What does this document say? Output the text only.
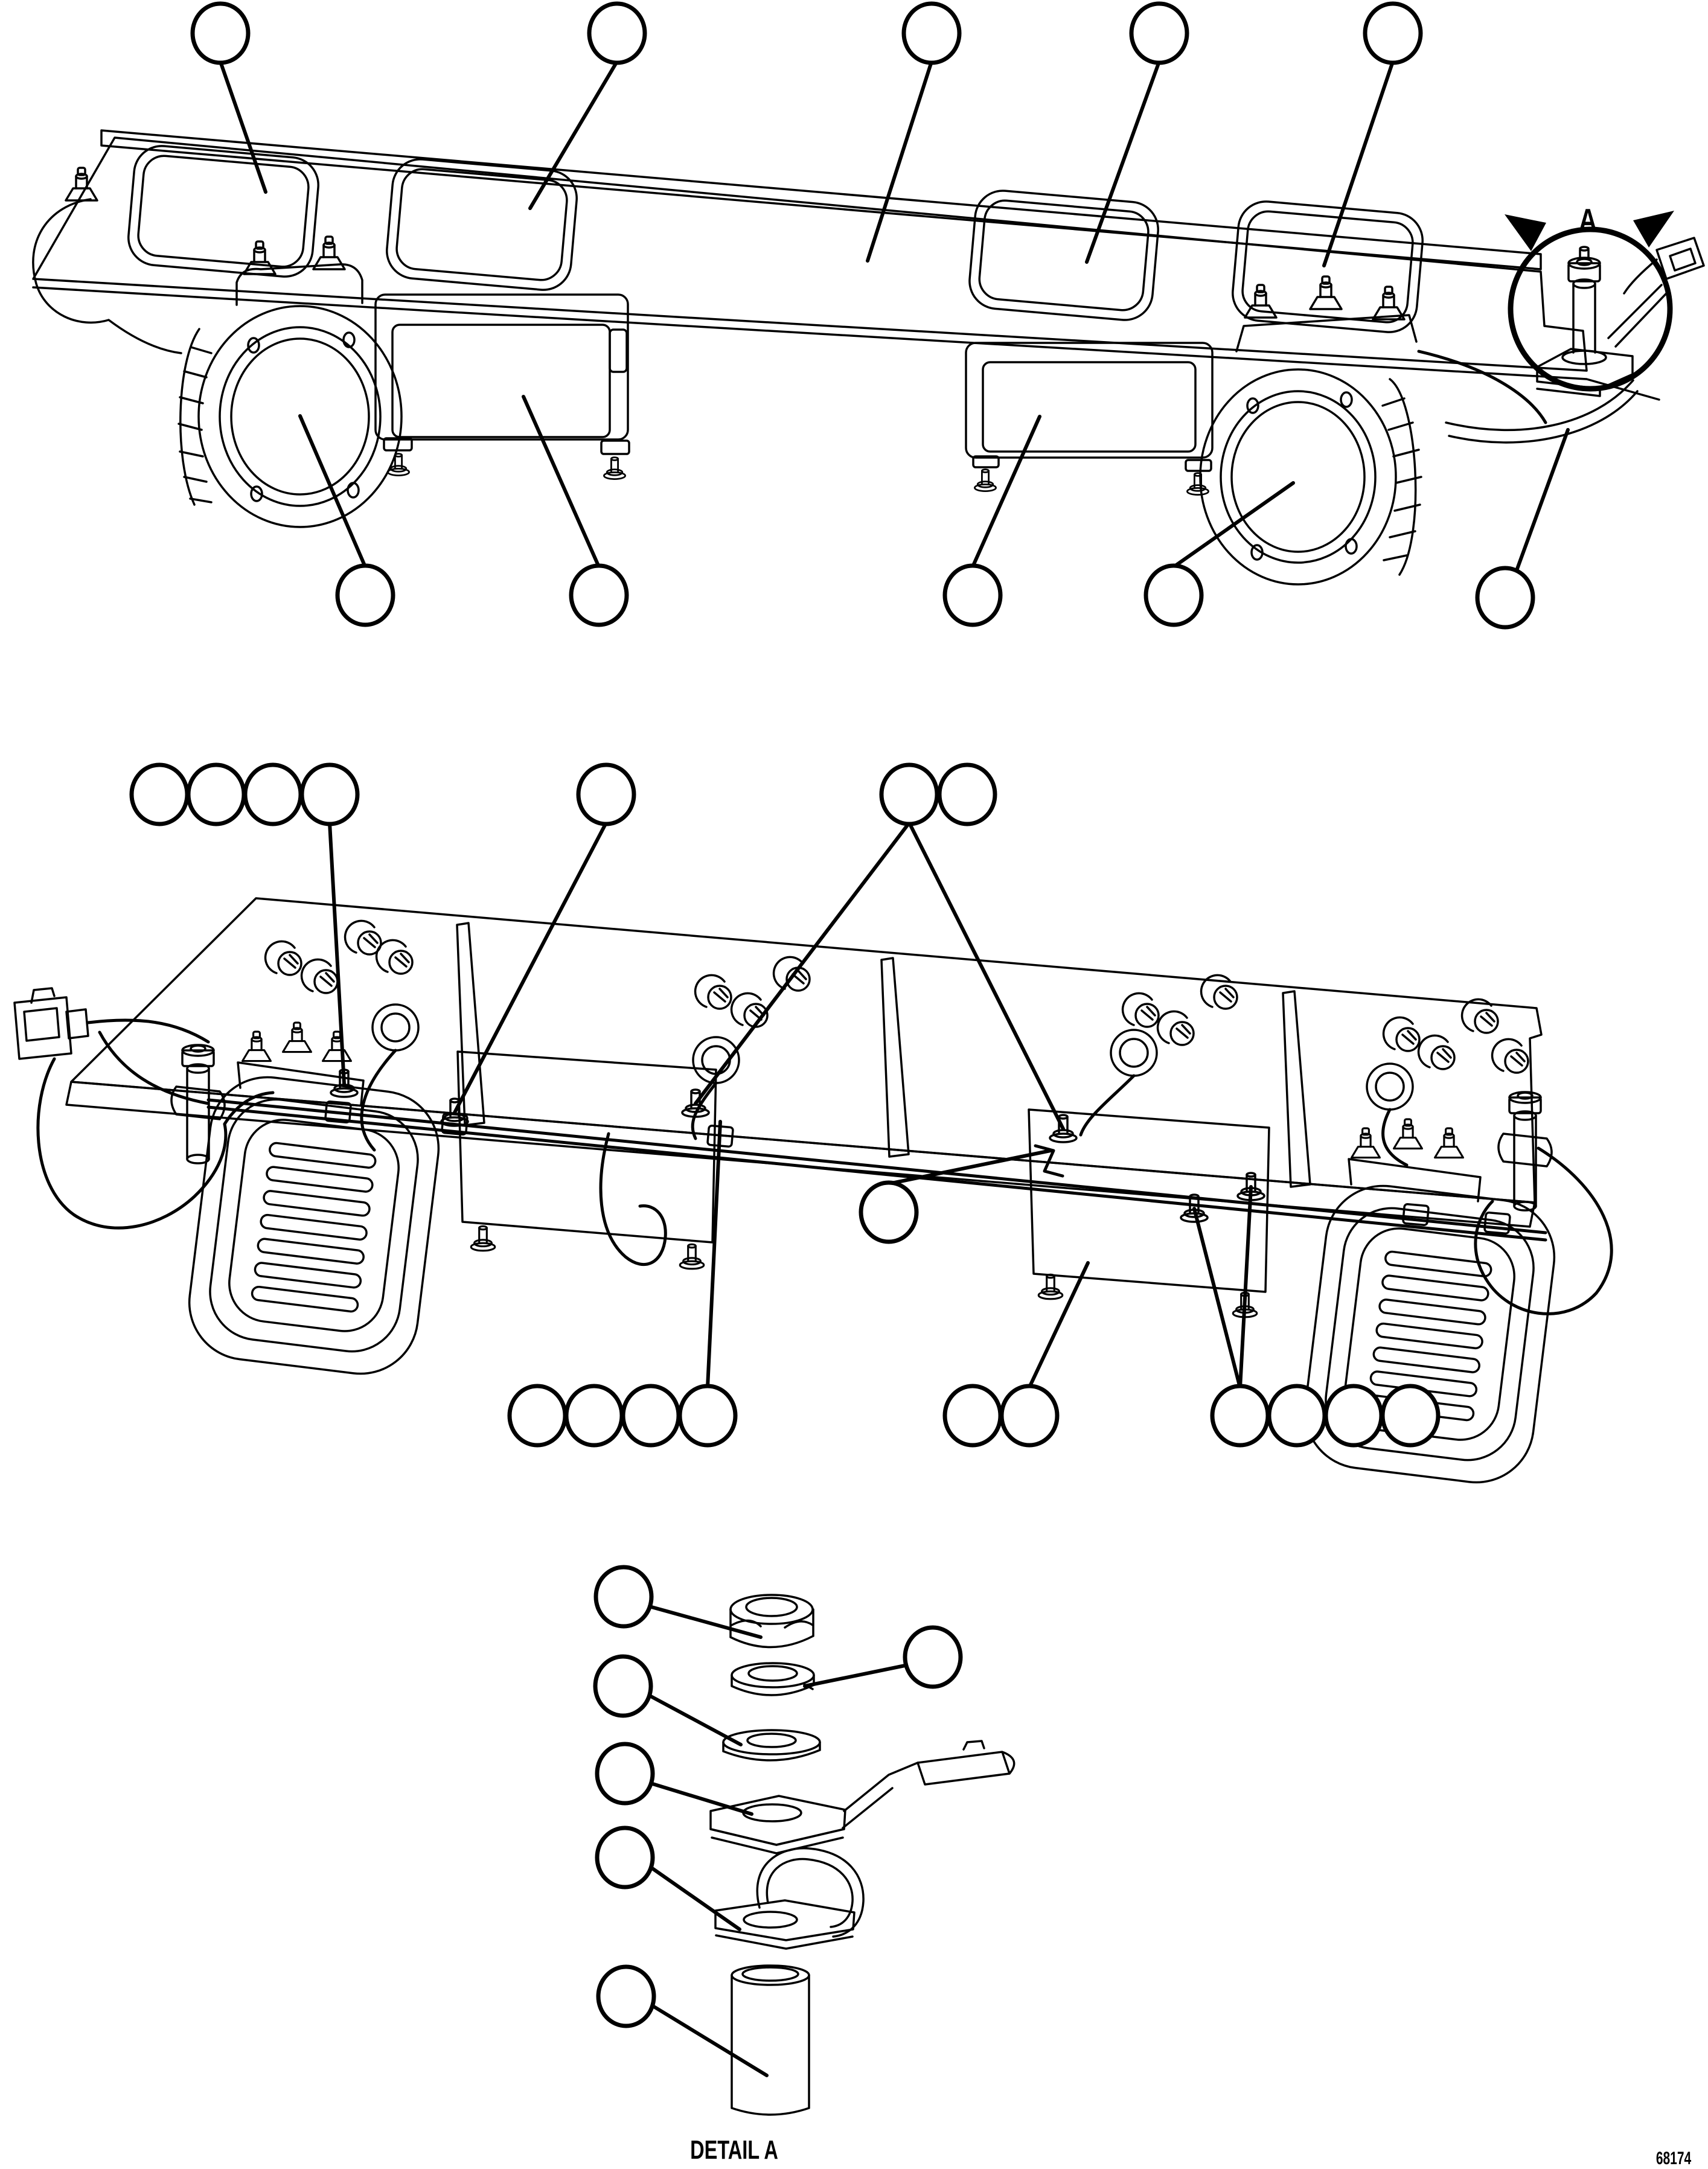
A
DETAIL A	68174
